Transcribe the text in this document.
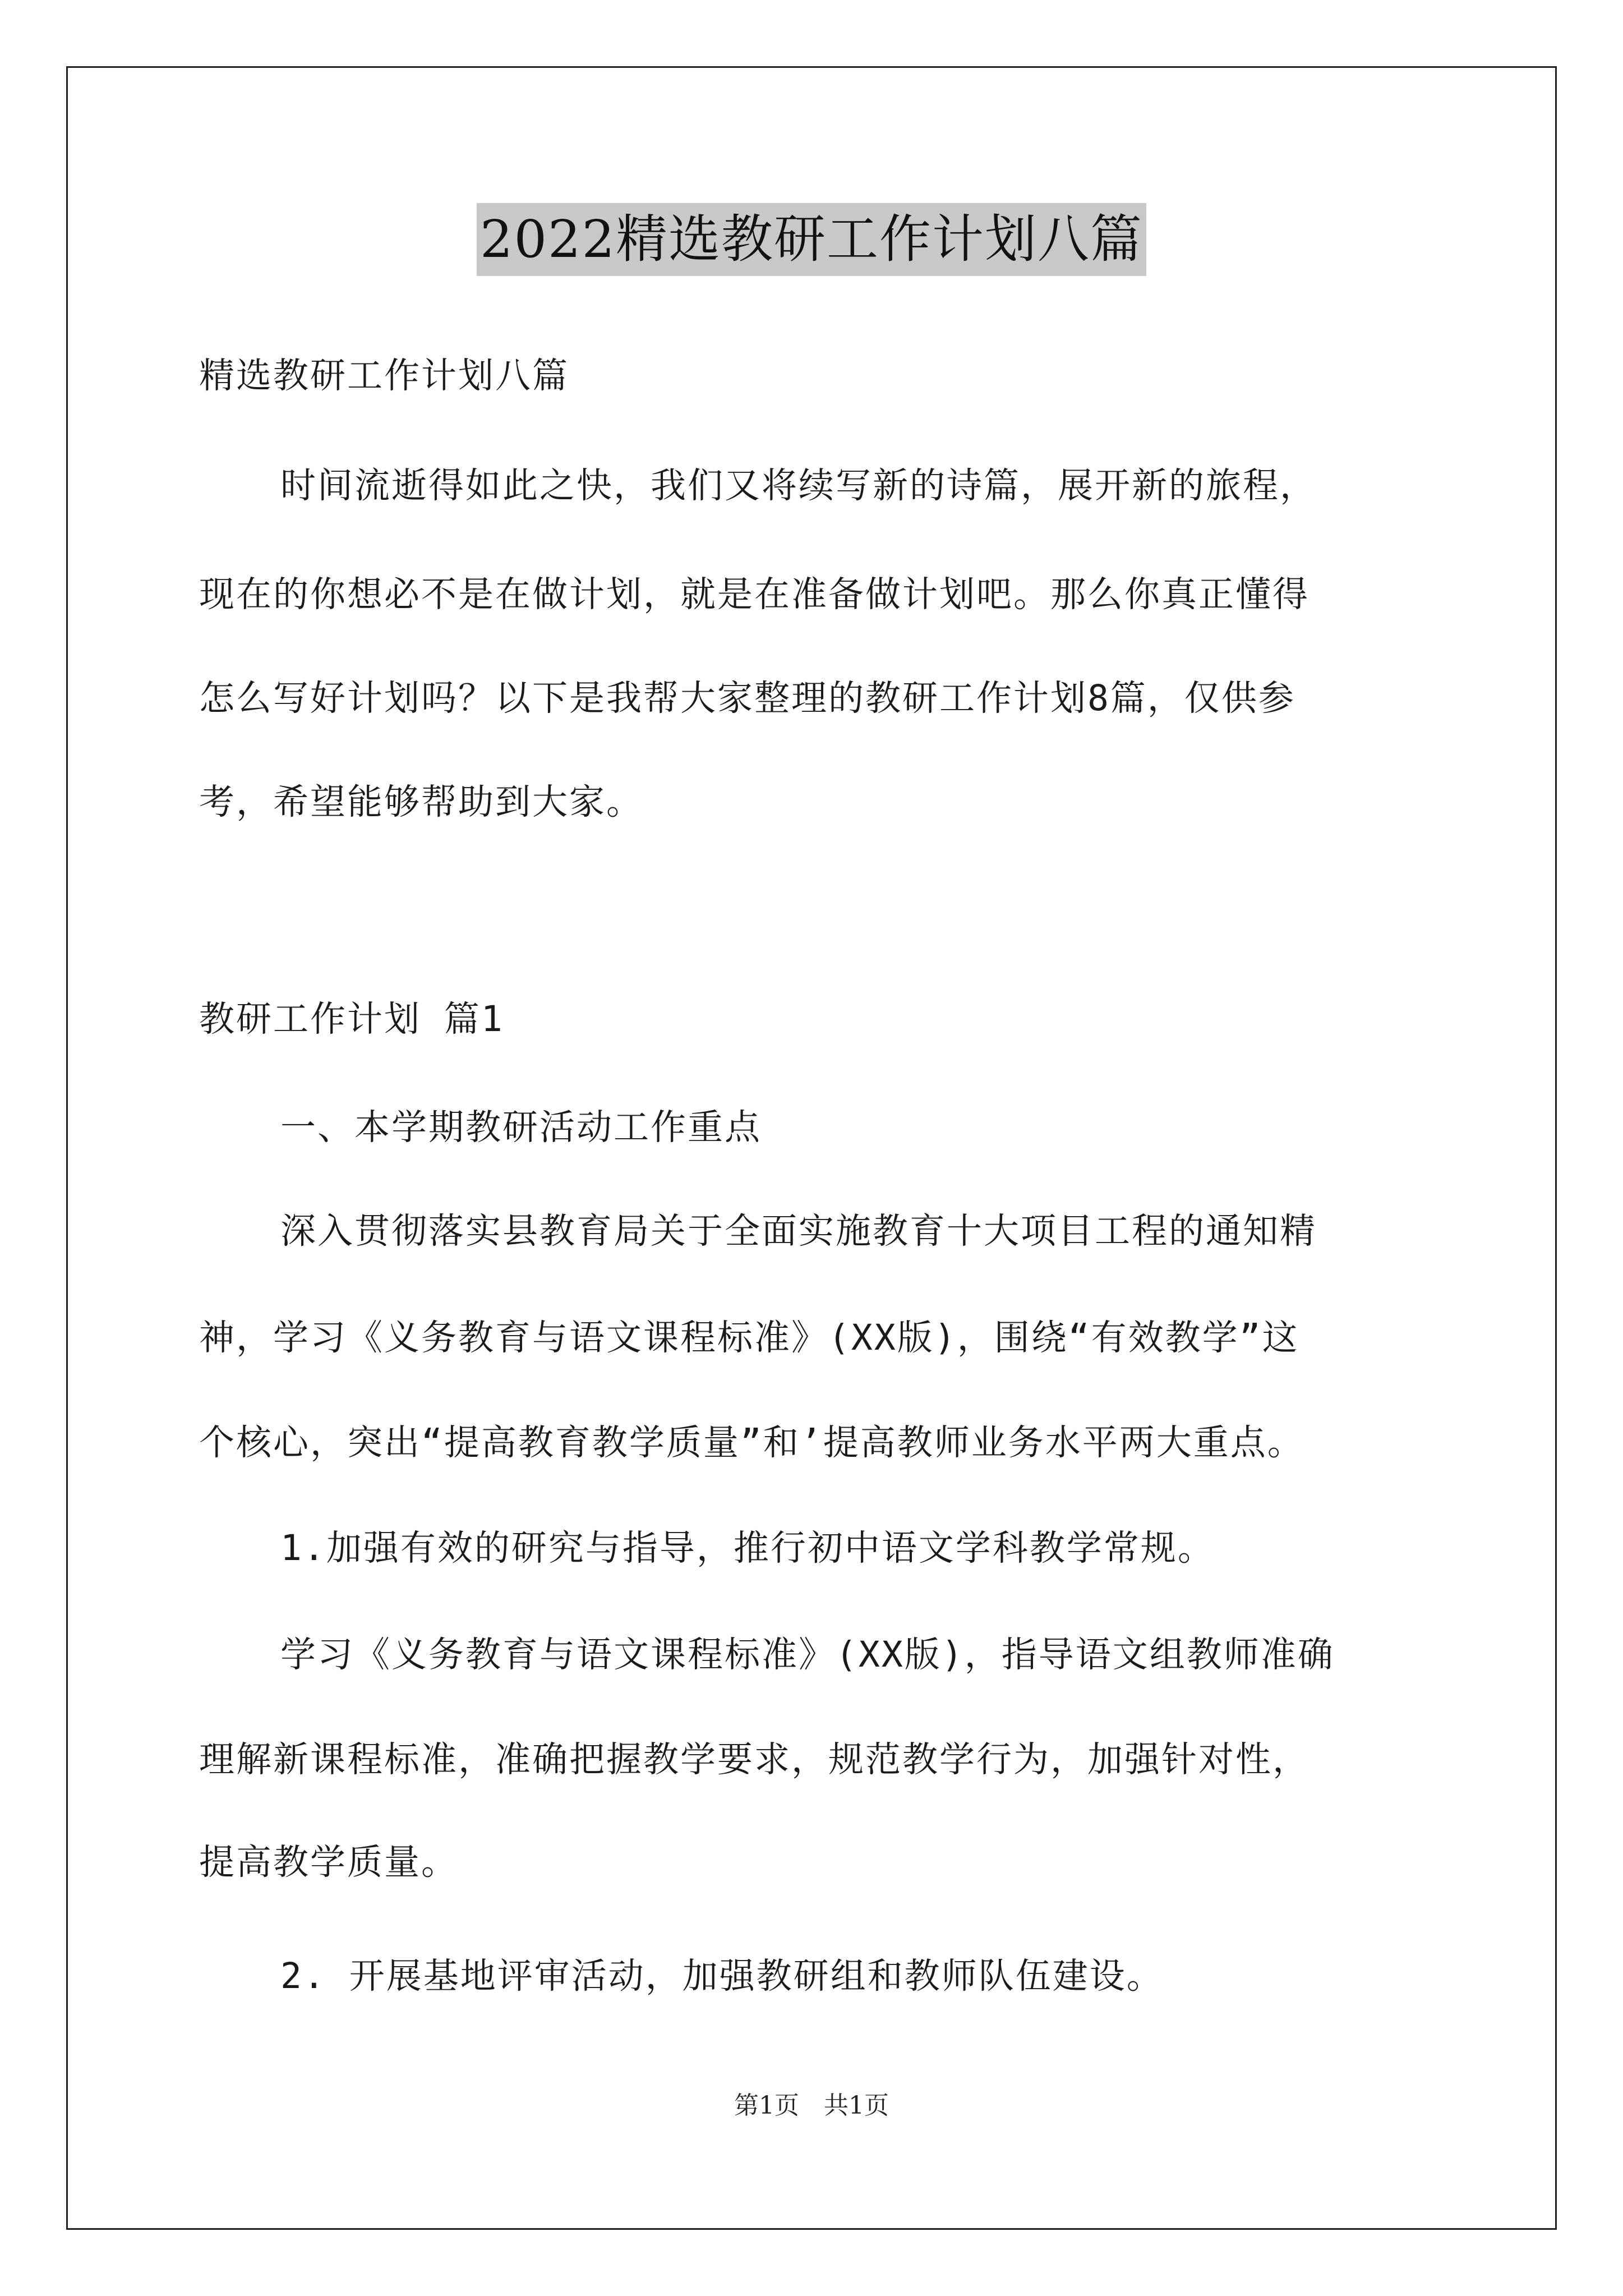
2022精选教研工作计划八篇
精选教研工作计划八篇
时间流逝得如此之快，我们又将续写新的诗篇，展开新的旅程，
现在的你想必不是在做计划，就是在准备做计划吧。那么你真正懂得
怎么写好计划吗？以下是我帮大家整理的教研工作计划8篇，仅供参
考，希望能够帮助到大家。
教研工作计划 篇1
一、本学期教研活动工作重点
深入贯彻落实县教育局关于全面实施教育十大项目工程的通知精
神，学习《义务教育与语文课程标准》(XX版)，围绕“有效教学”这
个核心，突出“提高教育教学质量”和’提高教师业务水平两大重点。
1.加强有效的研究与指导，推行初中语文学科教学常规。
学习《义务教育与语文课程标准》(XX版)，指导语文组教师准确
理解新课程标准，准确把握教学要求，规范教学行为，加强针对性，
提高教学质量。
2. 开展基地评审活动，加强教研组和教师队伍建设。
第1页　共1页
